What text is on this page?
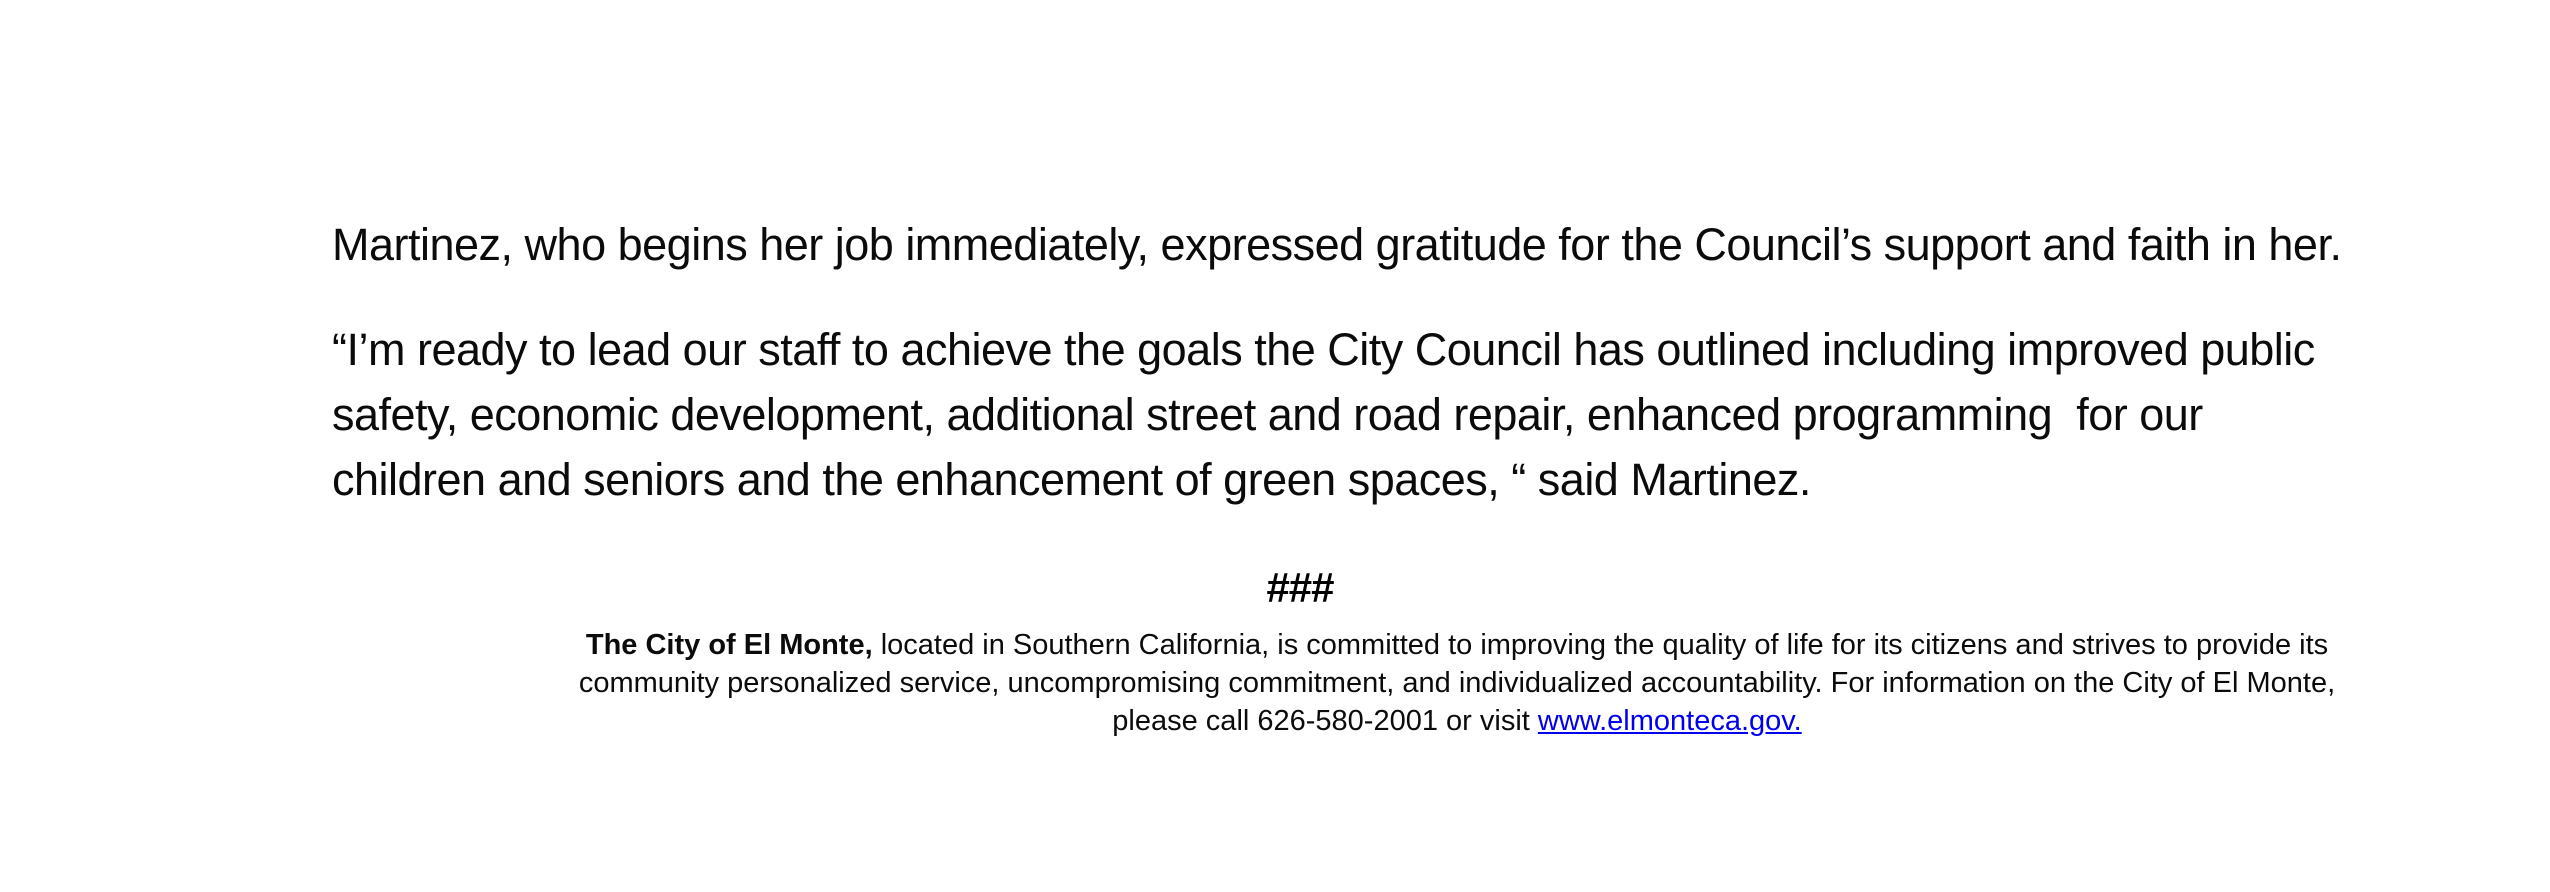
Martinez, who begins her job immediately, expressed gratitude for the Council’s support and faith in her.
“I’m ready to lead our staff to achieve the goals the City Council has outlined including improved public
safety, economic development, additional street and road repair, enhanced programming  for our
children and seniors and the enhancement of green spaces, “ said Martinez.
###
The City of El Monte, located in Southern California, is committed to improving the quality of life for its citizens and strives to provide its
community personalized service, uncompromising commitment, and individualized accountability. For information on the City of El Monte,
please call 626-580-2001 or visit www.elmonteca.gov.
